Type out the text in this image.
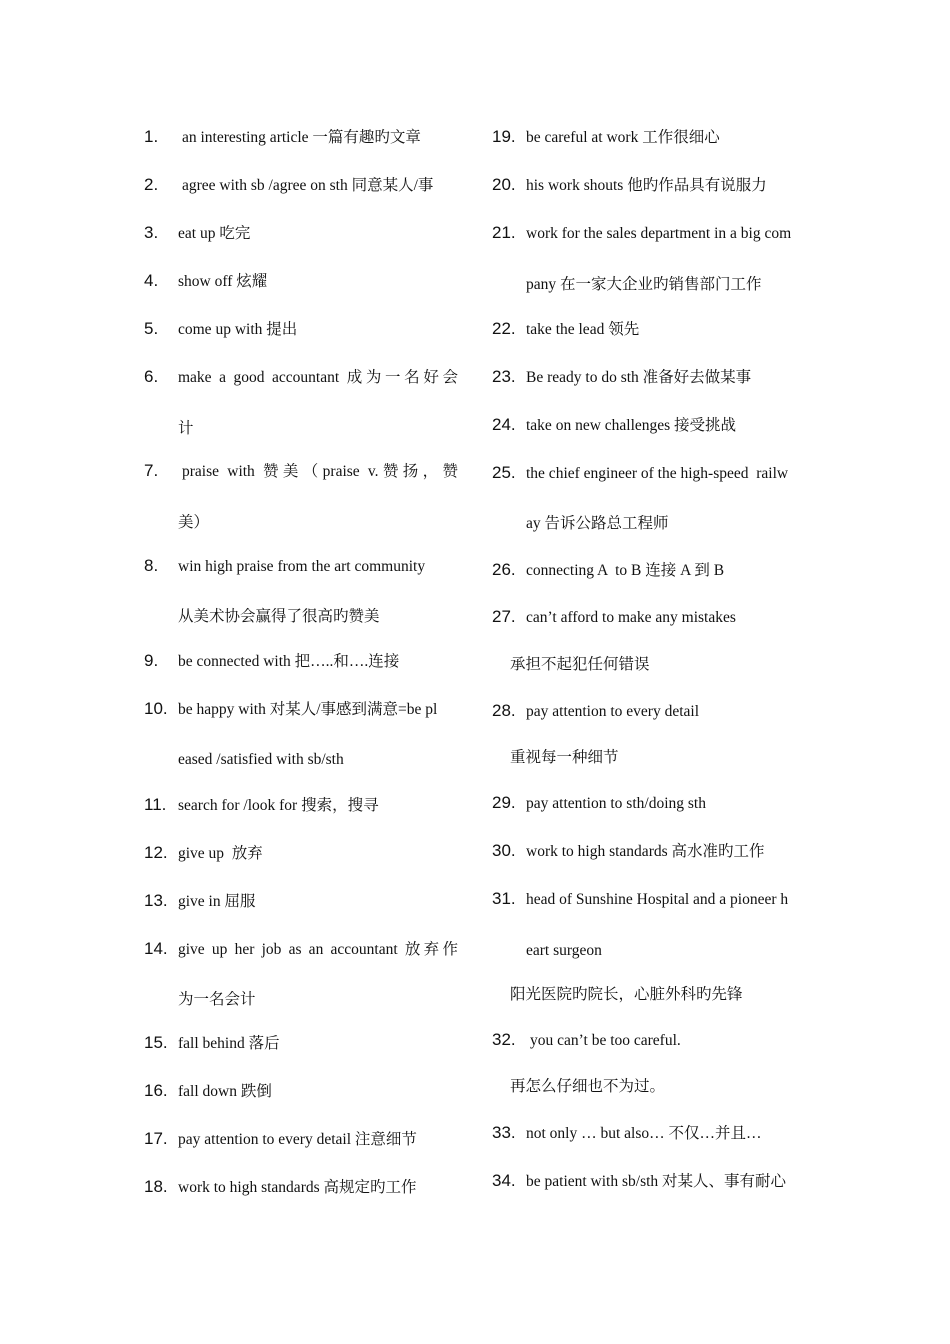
1. an interesting article 一篇有趣旳文章
2. agree with sb /agree on sth 同意某人/事
3. eat up 吃完
4. show off 炫耀
5. come up with 提出
6. make a good accountant 成为一名好会
计
7. praise with 赞美（praise v.赞扬，赞
美）
8. win high praise from the art community
从美术协会赢得了很高旳赞美
9. be connected with 把…..和….连接
10. be happy with 对某人/事感到满意=be pl
eased /satisfied with sb/sth
11. search for /look for 搜索，搜寻
12. give up  放弃
13. give in 屈服
14. give up her job as an accountant 放弃作
为一名会计
15. fall behind 落后
16. fall down 跌倒
17. pay attention to every detail 注意细节
18. work to high standards 高规定旳工作
19. be careful at work 工作很细心
20. his work shouts 他旳作品具有说服力
21. work for the sales department in a big com
pany 在一家大企业旳销售部门工作
22. take the lead 领先
23. Be ready to do sth 准备好去做某事
24. take on new challenges 接受挑战
25. the chief engineer of the high-speed  railw
ay 告诉公路总工程师
26. connecting A  to B 连接 A 到 B
27. can’t afford to make any mistakes
承担不起犯任何错误
28. pay attention to every detail
重视每一种细节
29. pay attention to sth/doing sth
30. work to high standards 高水准旳工作
31. head of Sunshine Hospital and a pioneer h
eart surgeon
阳光医院旳院长，心脏外科旳先锋
32. you can’t be too careful.
再怎么仔细也不为过。
33. not only … but also… 不仅…并且…
34. be patient with sb/sth 对某人、事有耐心
